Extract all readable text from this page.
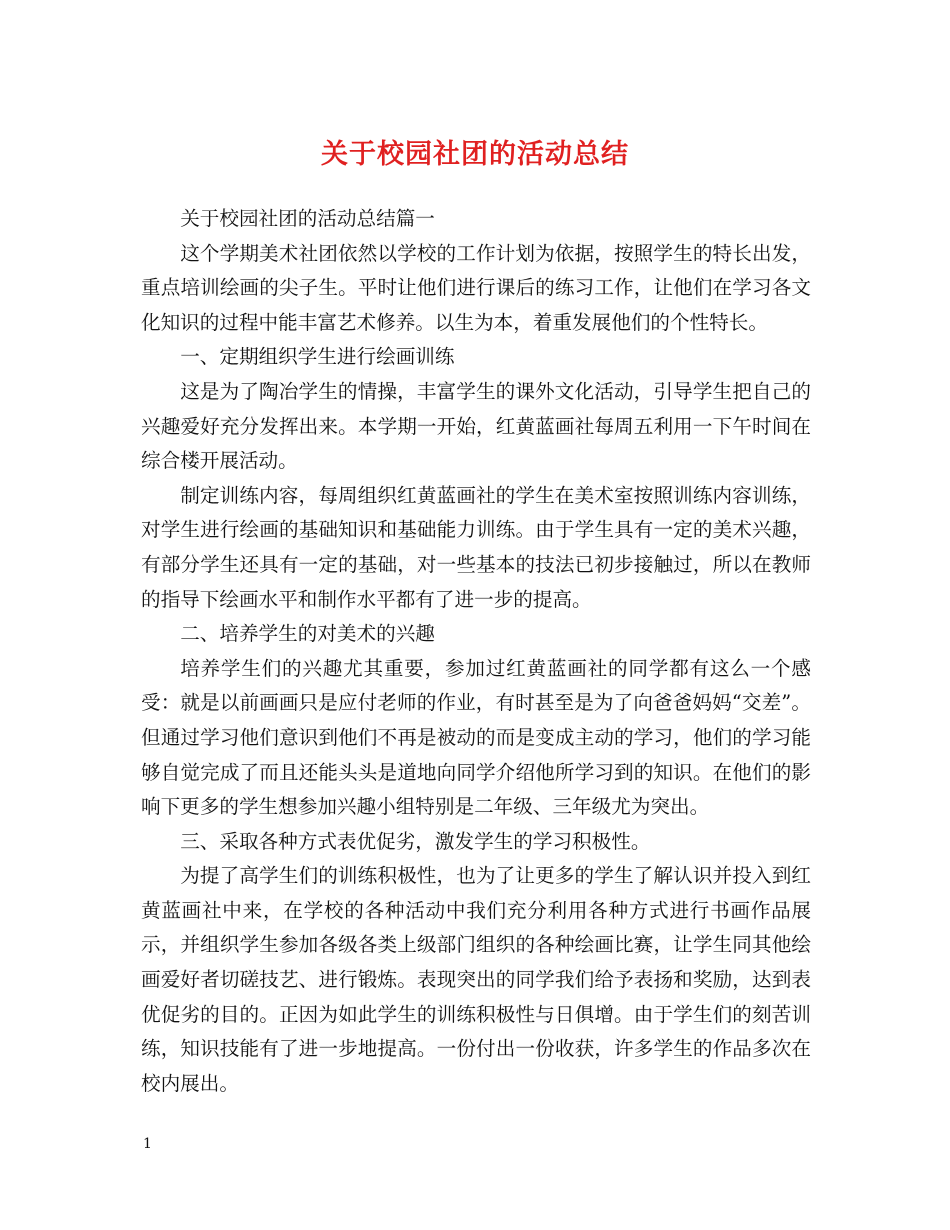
关于校园社团的活动总结

关于校园社团的活动总结篇一

这个学期美术社团依然以学校的工作计划为依据，按照学生的特长出发，重点培训绘画的尖子生。平时让他们进行课后的练习工作，让他们在学习各文化知识的过程中能丰富艺术修养。以生为本，着重发展他们的个性特长。

一、定期组织学生进行绘画训练

这是为了陶冶学生的情操，丰富学生的课外文化活动，引导学生把自己的兴趣爱好充分发挥出来。本学期一开始，红黄蓝画社每周五利用一下午时间在综合楼开展活动。

制定训练内容，每周组织红黄蓝画社的学生在美术室按照训练内容训练，对学生进行绘画的基础知识和基础能力训练。由于学生具有一定的美术兴趣，有部分学生还具有一定的基础，对一些基本的技法已初步接触过，所以在教师的指导下绘画水平和制作水平都有了进一步的提高。

二、培养学生的对美术的兴趣

培养学生们的兴趣尤其重要，参加过红黄蓝画社的同学都有这么一个感受：就是以前画画只是应付老师的作业，有时甚至是为了向爸爸妈妈“交差”。但通过学习他们意识到他们不再是被动的而是变成主动的学习，他们的学习能够自觉完成了而且还能头头是道地向同学介绍他所学习到的知识。在他们的影响下更多的学生想参加兴趣小组特别是二年级、三年级尤为突出。

三、采取各种方式表优促劣，激发学生的学习积极性。

为提了高学生们的训练积极性，也为了让更多的学生了解认识并投入到红黄蓝画社中来，在学校的各种活动中我们充分利用各种方式进行书画作品展示，并组织学生参加各级各类上级部门组织的各种绘画比赛，让学生同其他绘画爱好者切磋技艺、进行锻炼。表现突出的同学我们给予表扬和奖励，达到表优促劣的目的。正因为如此学生的训练积极性与日俱增。由于学生们的刻苦训练，知识技能有了进一步地提高。一份付出一份收获，许多学生的作品多次在校内展出。

1
